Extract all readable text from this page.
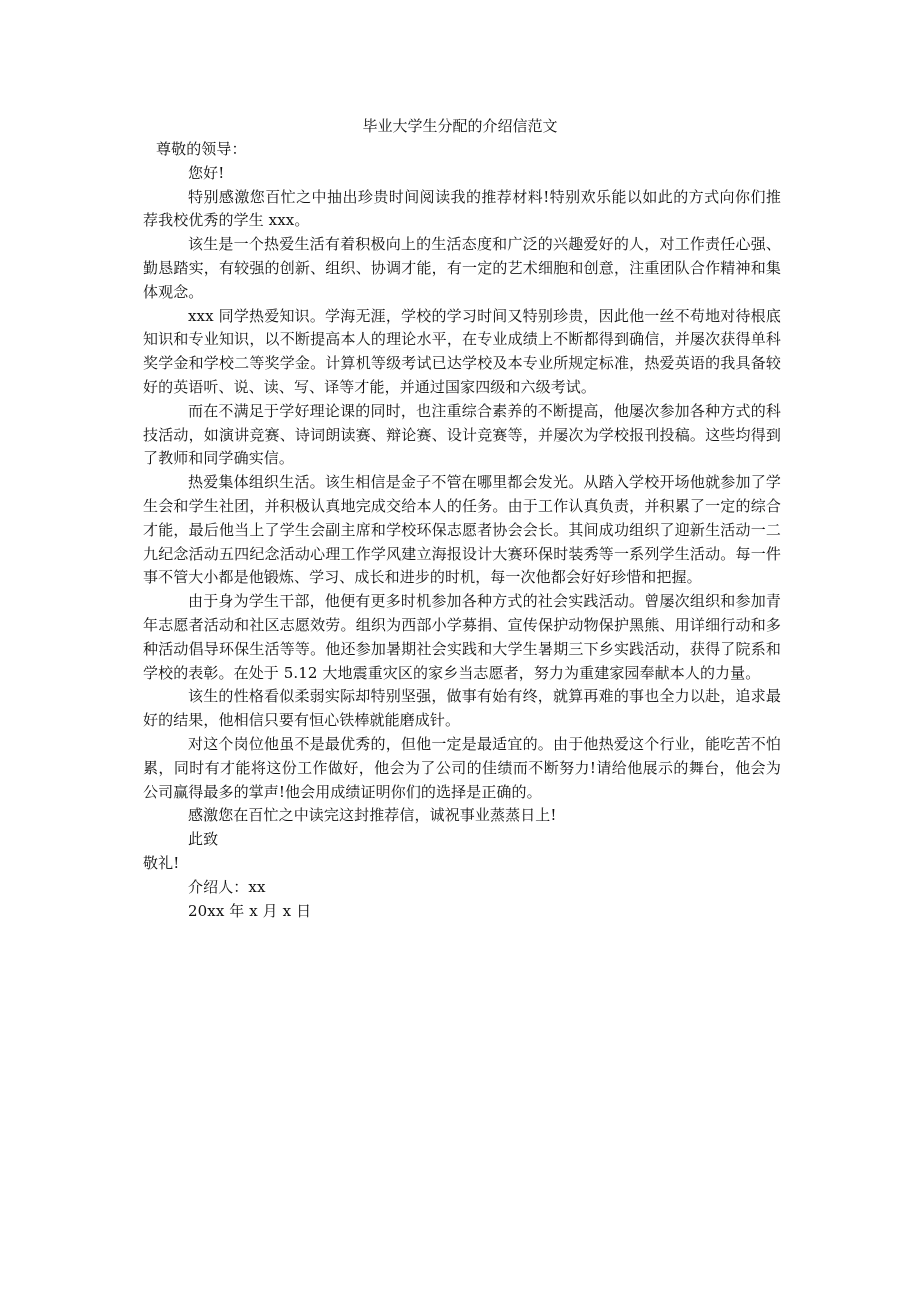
毕业大学生分配的介绍信范文

尊敬的领导：

您好!

特别感激您百忙之中抽出珍贵时间阅读我的推荐材料!特别欢乐能以如此的方式向你们推荐我校优秀的学生 xxx。

该生是一个热爱生活有着积极向上的生活态度和广泛的兴趣爱好的人，对工作责任心强、勤恳踏实，有较强的创新、组织、协调才能，有一定的艺术细胞和创意，注重团队合作精神和集体观念。

xxx 同学热爱知识。学海无涯，学校的学习时间又特别珍贵，因此他一丝不苟地对待根底知识和专业知识，以不断提高本人的理论水平，在专业成绩上不断都得到确信，并屡次获得单科奖学金和学校二等奖学金。计算机等级考试已达学校及本专业所规定标准，热爱英语的我具备较好的英语听、说、读、写、译等才能，并通过国家四级和六级考试。

而在不满足于学好理论课的同时，也注重综合素养的不断提高，他屡次参加各种方式的科技活动，如演讲竞赛、诗词朗读赛、辩论赛、设计竞赛等，并屡次为学校报刊投稿。这些均得到了教师和同学确实信。

热爱集体组织生活。该生相信是金子不管在哪里都会发光。从踏入学校开场他就参加了学生会和学生社团，并积极认真地完成交给本人的任务。由于工作认真负责，并积累了一定的综合才能，最后他当上了学生会副主席和学校环保志愿者协会会长。其间成功组织了迎新生活动一二九纪念活动五四纪念活动心理工作学风建立海报设计大赛环保时装秀等一系列学生活动。每一件事不管大小都是他锻炼、学习、成长和进步的时机，每一次他都会好好珍惜和把握。

由于身为学生干部，他便有更多时机参加各种方式的社会实践活动。曾屡次组织和参加青年志愿者活动和社区志愿效劳。组织为西部小学募捐、宣传保护动物保护黑熊、用详细行动和多种活动倡导环保生活等等。他还参加暑期社会实践和大学生暑期三下乡实践活动，获得了院系和学校的表彰。在处于 5.12 大地震重灾区的家乡当志愿者，努力为重建家园奉献本人的力量。

该生的性格看似柔弱实际却特别坚强，做事有始有终，就算再难的事也全力以赴，追求最好的结果，他相信只要有恒心铁棒就能磨成针。

对这个岗位他虽不是最优秀的，但他一定是最适宜的。由于他热爱这个行业，能吃苦不怕累，同时有才能将这份工作做好，他会为了公司的佳绩而不断努力!请给他展示的舞台，他会为公司赢得最多的掌声!他会用成绩证明你们的选择是正确的。

感激您在百忙之中读完这封推荐信，诚祝事业蒸蒸日上!

此致

敬礼!

介绍人：xx

20xx 年 x 月 x 日
